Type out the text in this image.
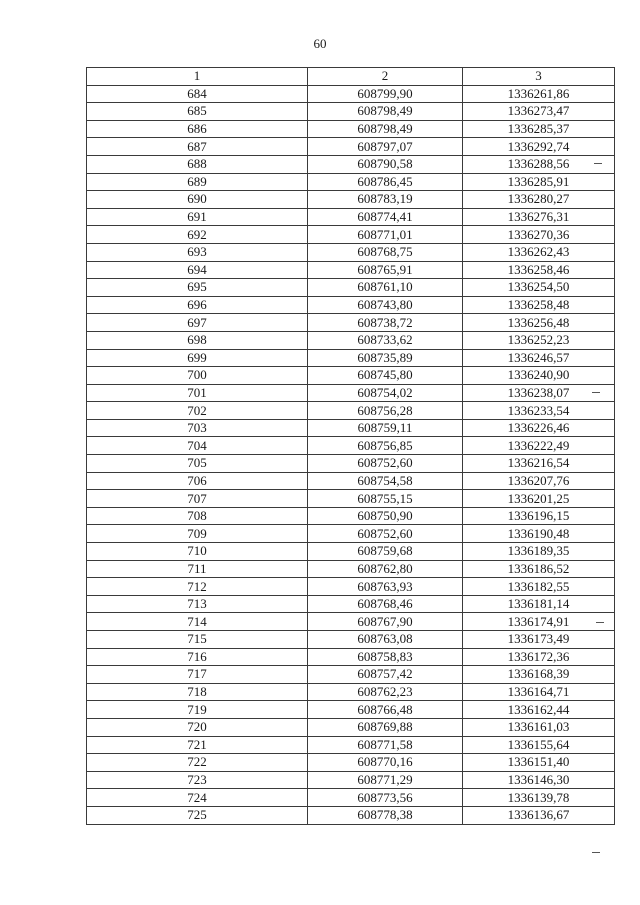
60
1	2	3
684	608799,90	1336261,86
685	608798,49	1336273,47
686	608798,49	1336285,37
687	608797,07	1336292,74
688	608790,58	1336288,56
689	608786,45	1336285,91
690	608783,19	1336280,27
691	608774,41	1336276,31
692	608771,01	1336270,36
693	608768,75	1336262,43
694	608765,91	1336258,46
695	608761,10	1336254,50
696	608743,80	1336258,48
697	608738,72	1336256,48
698	608733,62	1336252,23
699	608735,89	1336246,57
700	608745,80	1336240,90
701	608754,02	1336238,07
702	608756,28	1336233,54
703	608759,11	1336226,46
704	608756,85	1336222,49
705	608752,60	1336216,54
706	608754,58	1336207,76
707	608755,15	1336201,25
708	608750,90	1336196,15
709	608752,60	1336190,48
710	608759,68	1336189,35
711	608762,80	1336186,52
712	608763,93	1336182,55
713	608768,46	1336181,14
714	608767,90	1336174,91
715	608763,08	1336173,49
716	608758,83	1336172,36
717	608757,42	1336168,39
718	608762,23	1336164,71
719	608766,48	1336162,44
720	608769,88	1336161,03
721	608771,58	1336155,64
722	608770,16	1336151,40
723	608771,29	1336146,30
724	608773,56	1336139,78
725	608778,38	1336136,67
